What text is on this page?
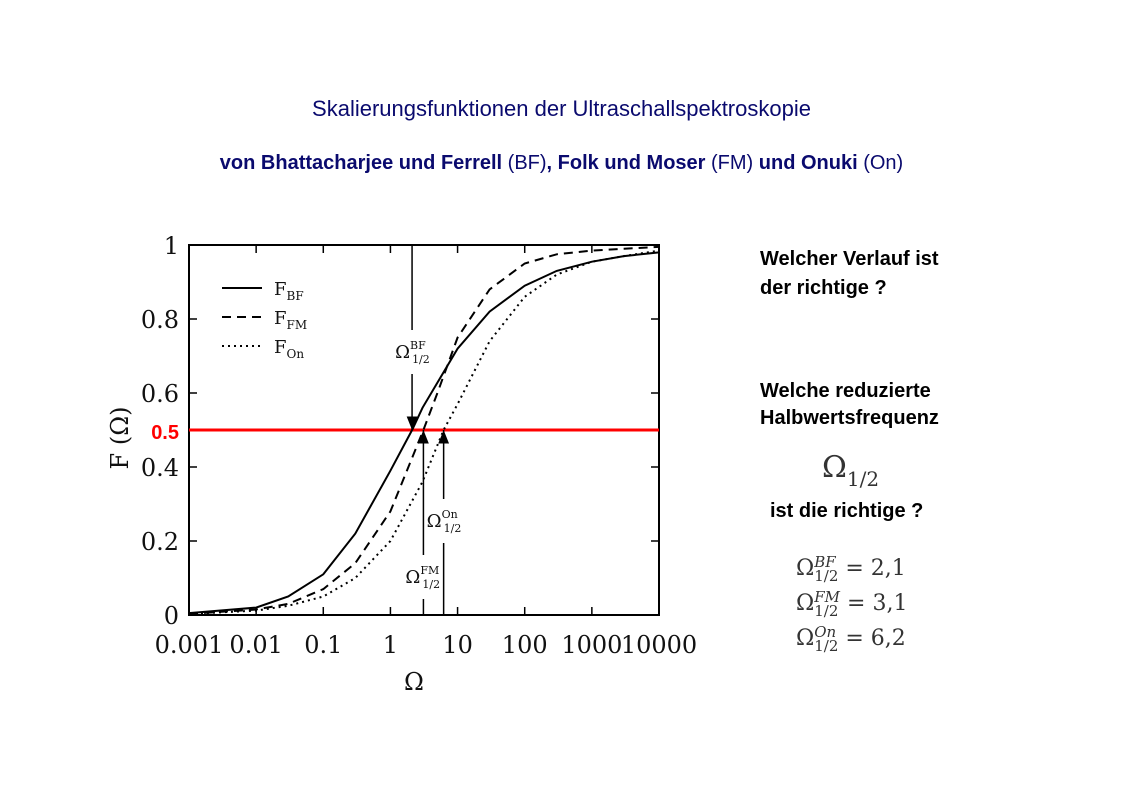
Skalierungsfunktionen der Ultraschallspektroskopie
von Bhattacharjee und Ferrell (BF), Folk und Moser (FM) und Onuki (On)
0.001 0.01 0.1 1 10 100 1000
10000
0
0.2
0.4
0.6
0.8
1
Ω
F (Ω) 0.5
$F_{BF}$
$F_{FM}$
$F_{On}$	$\Omega^{BF}$ 1/2
$\Omega^{FM}$ 1/2
$\Omega^{On}$ 1/2
Welcher Verlauf ist
der richtige ?
Welche reduzierte
Halbwertsfrequenz
$\Omega_{1/2}$
ist die richtige ?
Ω BF
1/2 = 2,1
Ω FM
1/2 = 3,1
Ω On
1/2 = 6,2
